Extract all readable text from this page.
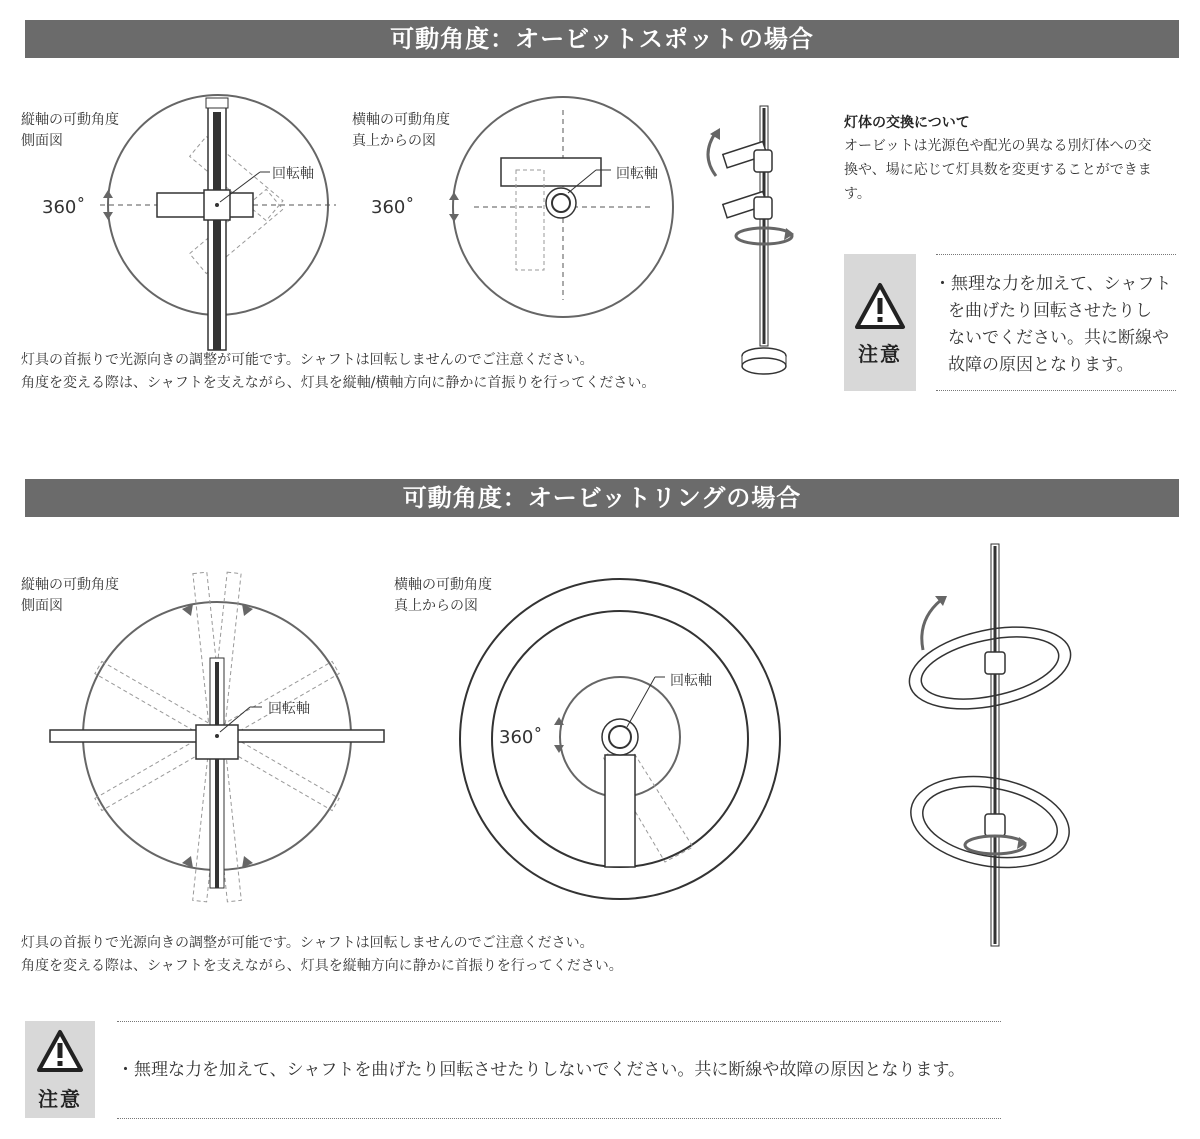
可動角度：オービットスポットの場合
縦軸の可動角度
側面図
360˚
回転軸
横軸の可動角度
真上からの図
360˚
回転軸
灯体の交換について
オービットは光源色や配光の異なる別灯体への交
換や、場に応じて灯具数を変更することができま
す。
注意
・無理な力を加えて、シャフト
を曲げたり回転させたりし
ないでください。共に断線や
故障の原因となります。
灯具の首振りで光源向きの調整が可能です。シャフトは回転しませんのでご注意ください。
角度を変える際は、シャフトを支えながら、灯具を縦軸/横軸方向に静かに首振りを行ってください。
可動角度：オービットリングの場合
縦軸の可動角度
側面図
回転軸
横軸の可動角度
真上からの図
回転軸
360˚
灯具の首振りで光源向きの調整が可能です。シャフトは回転しませんのでご注意ください。
角度を変える際は、シャフトを支えながら、灯具を縦軸方向に静かに首振りを行ってください。
注意
・無理な力を加えて、シャフトを曲げたり回転させたりしないでください。共に断線や故障の原因となります。
